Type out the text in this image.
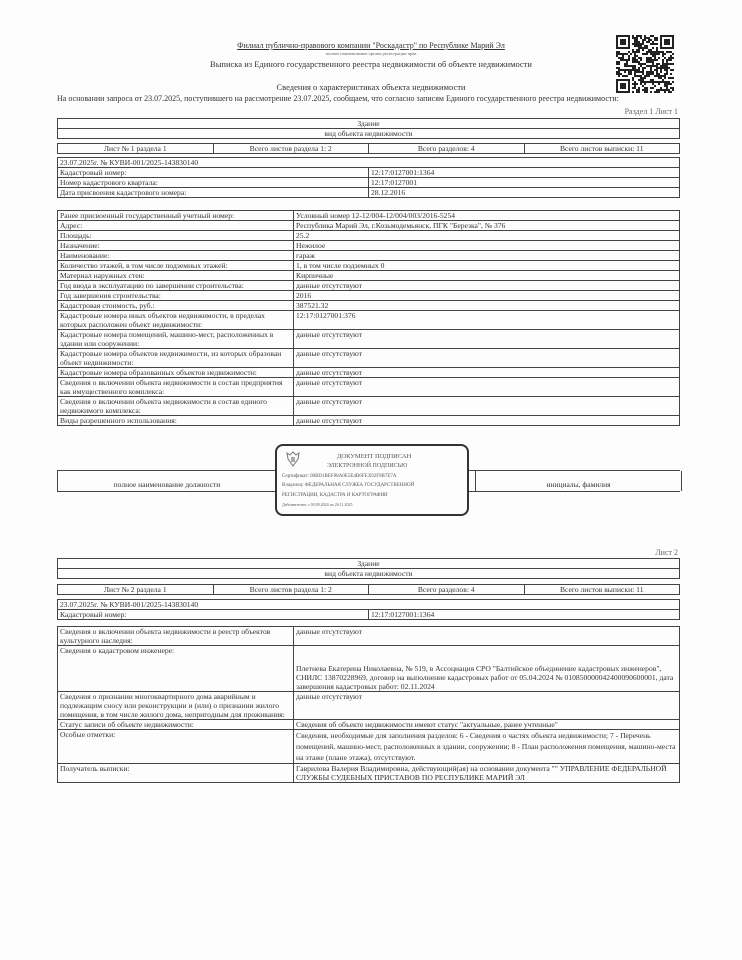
Филиал публично-правового компании "Роскадастр" по Республике Марий Эл
полное наименование органа регистрации прав
Выписка из Единого государственного реестра недвижимости об объекте недвижимости
Сведения о характеристиках объекта недвижимости
На основании запроса от 23.07.2025, поступившего на рассмотрение 23.07.2025, сообщаем, что согласно записям Единого государственного реестра недвижимости:
Раздел 1 Лист 1
Здание
вид объекта недвижимости
Лист № 1 раздела 1	Всего листов раздела 1: 2	Всего разделов: 4	Всего листов выписки: 11
23.07.2025г. № КУВИ-001/2025-143830140	
Кадастровый номер:	12:17:0127001:1364
Номер кадастрового квартала:	12:17:0127001
Дата присвоения кадастрового номера:	28.12.2016
Ранее присвоенный государственный учетный номер:	Условный номер 12-12/004-12/004/003/2016-5254
Адрес:	Республика Марий Эл, г.Козьмодемьянск, ПГК "Березка", № 376
Площадь:	25.2
Назначение:	Нежилое
Наименование:	гараж
Количество этажей, в том числе подземных этажей:	1, в том числе подземных 0
Материал наружных стен:	Кирпичные
Год ввода в эксплуатацию по завершении строительства:	данные отсутствуют
Год завершения строительства:	2016
Кадастровая стоимость, руб.:	387521.32
Кадастровые номера иных объектов недвижимости, в пределах которых расположен объект недвижимости:	12:17:0127001:376
Кадастровые номера помещений, машино-мест, расположенных в здании или сооружении:	данные отсутствуют
Кадастровые номера объектов недвижимости, из которых образован объект недвижимости:	данные отсутствуют
Кадастровые номера образованных объектов недвижимости:	данные отсутствуют
Сведения о включении объекта недвижимости в состав предприятия как имущественного комплекса:	данные отсутствуют
Сведения о включении объекта недвижимости в состав единого недвижимого комплекса:	данные отсутствуют
Виды разрешенного использования:	данные отсутствуют
полное наименование должности	инициалы, фамилия
ДОКУМЕНТ ПОДПИСАН
ЭЛЕКТРОННОЙ ПОДПИСЬЮ
Сертификат: 00BD1BEF08A0E5E4B6FE3D2F9B7E7A
Владелец: ФЕДЕРАЛЬНАЯ СЛУЖБА ГОСУДАРСТВЕННОЙ
РЕГИСТРАЦИИ, КАДАСТРА И КАРТОГРАФИИ
Действителен: с 03.09.2024 по 26.11.2025
Лист 2
Здание
вид объекта недвижимости
Лист № 2 раздела 1	Всего листов раздела 1: 2	Всего разделов: 4	Всего листов выписки: 11
23.07.2025г. № КУВИ-001/2025-143830140
Кадастровый номер:	12:17:0127001:1364
Сведения о включении объекта недвижимости в реестр объектов культурного наследия:	данные отсутствуют
Сведения о кадастровом инженере:	Плетнева Екатерина Николаевна, № 519, в Ассоциация СРО "Балтийское объединение кадастровых инженеров", СНИЛС 13870228969, договор на выполнение кадастровых работ от 05.04.2024 № 010850000042400090600001, дата завершения кадастровых работ: 02.11.2024
Сведения о признании многоквартирного дома аварийным и подлежащим сносу или реконструкции и (или) о признании жилого помещения, в том числе жилого дома, непригодным для проживания:	данные отсутствуют
Статус записи об объекте недвижимости:	Сведения об объекте недвижимости имеют статус "актуальные, ранее учтенные"
Особые отметки:	Сведения, необходимые для заполнения разделов: 6 - Сведения о частях объекта недвижимости; 7 - Перечень помещений, машино-мест, расположенных в здании, сооружении; 8 - План расположения помещения, машино-места на этаже (плане этажа), отсутствуют.
Получатель выписки:	Гаврилова Валерия Владимировна, действующий(ая) на основании документа "" УПРАВЛЕНИЕ ФЕДЕРАЛЬНОЙ СЛУЖБЫ СУДЕБНЫХ ПРИСТАВОВ ПО РЕСПУБЛИКЕ МАРИЙ ЭЛ
